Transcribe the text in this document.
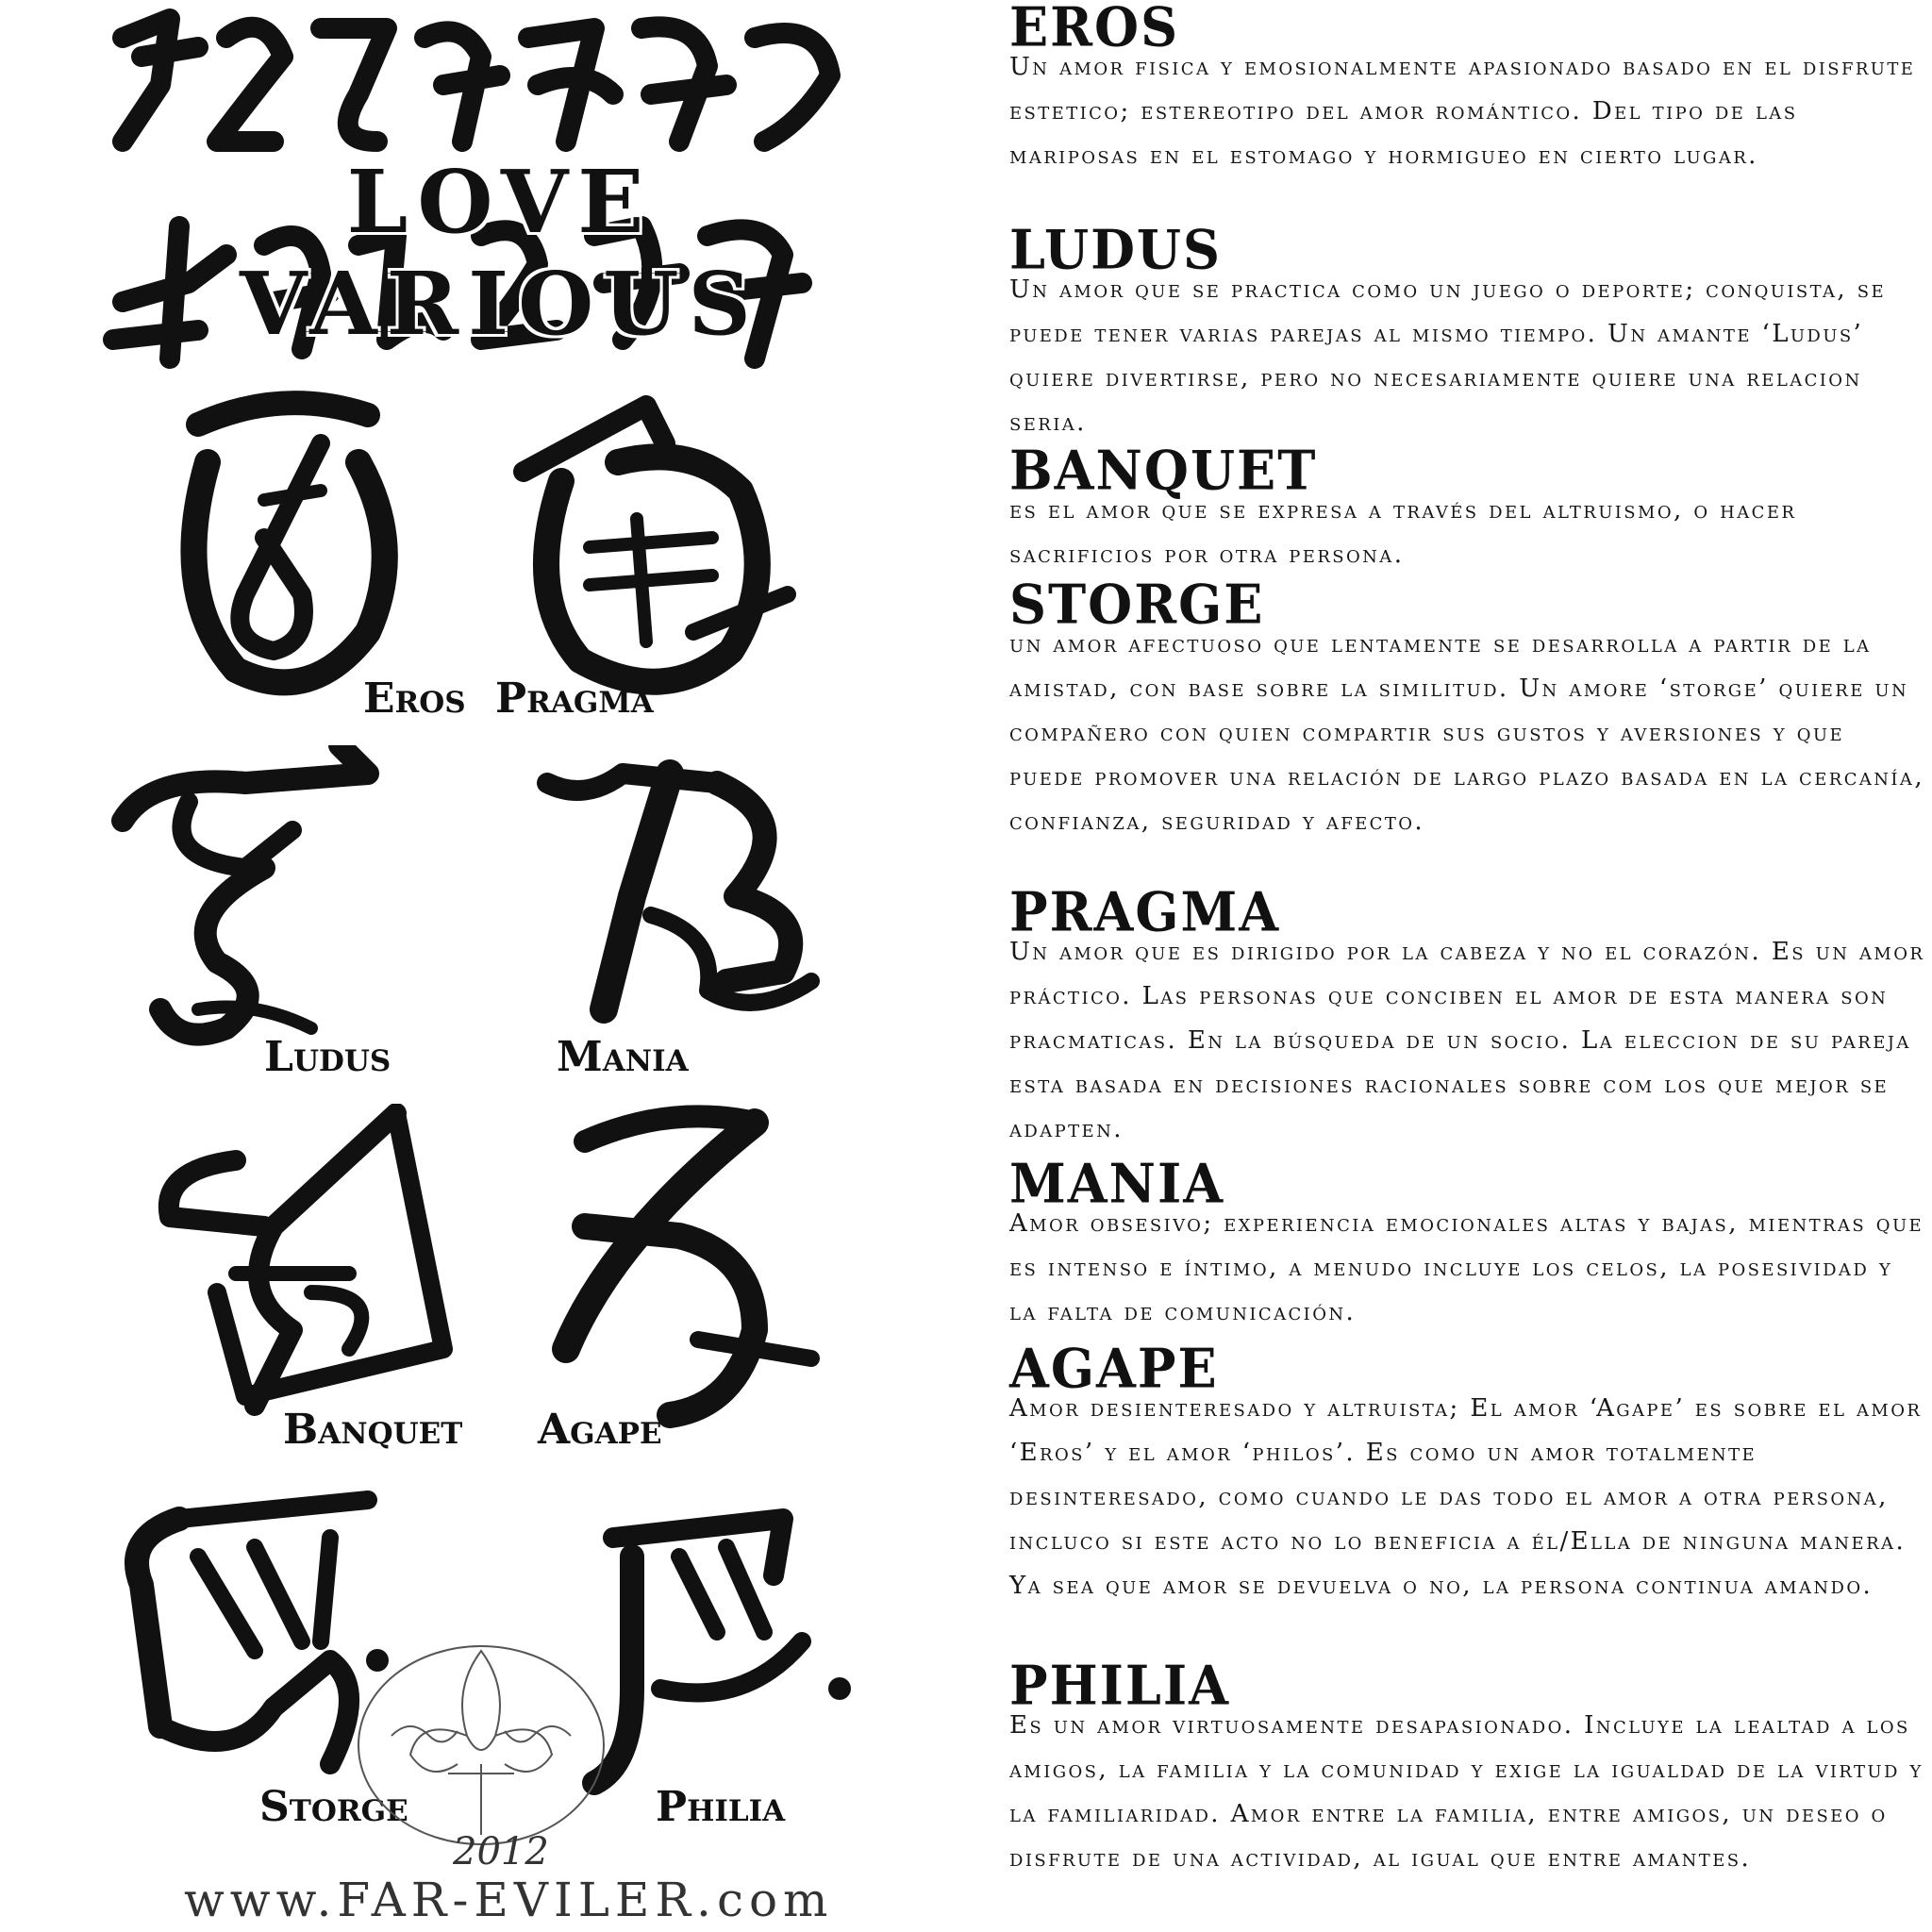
LOVE VARIOUS
Eros Pragma
Ludus	Mania
Banquet Agape
Storge	Philia
2012
www.FAR-EVILER.com
EROS
Un amor fisica y emosionalmente apasionado basado en el disfrute estetico; estereotipo del amor romántico. Del tipo de las mariposas en el estomago y hormigueo en cierto lugar.
LUDUS
Un amor que se practica como un juego o deporte; conquista, se puede tener varias parejas al mismo tiempo. Un amante ‘Ludus’ quiere divertirse, pero no necesariamente quiere una relacion seria.
BANQUET
es el amor que se expresa a través del altruismo, o hacer sacrificios por otra persona.
STORGE
un amor afectuoso que lentamente se desarrolla a partir de la amistad, con base sobre la similitud. Un amore ‘storge’ quiere un compañero con quien compartir sus gustos y aversiones y que puede promover una relación de largo plazo basada en la cercanía, confianza, seguridad y afecto.
PRAGMA
Un amor que es dirigido por la cabeza y no el corazón. Es un amor práctico. Las personas que conciben el amor de esta manera son pracmaticas. En la búsqueda de un socio. La eleccion de su pareja esta basada en decisiones racionales sobre com los que mejor se adapten.
MANIA
Amor obsesivo; experiencia emocionales altas y bajas, mientras que es intenso e íntimo, a menudo incluye los celos, la posesividad y la falta de comunicación.
AGAPE
Amor desienteresado y altruista; El amor ‘Agape’ es sobre el amor ‘Eros’ y el amor ‘philos’. Es como un amor totalmente desinteresado, como cuando le das todo el amor a otra persona, incluco si este acto no lo beneficia a él/Ella de ninguna manera. Ya sea que amor se devuelva o no, la persona continua amando.
PHILIA
Es un amor virtuosamente desapasionado. Incluye la lealtad a los amigos, la familia y la comunidad y exige la igualdad de la virtud y la familiaridad. Amor entre la familia, entre amigos, un deseo o disfrute de una actividad, al igual que entre amantes.
